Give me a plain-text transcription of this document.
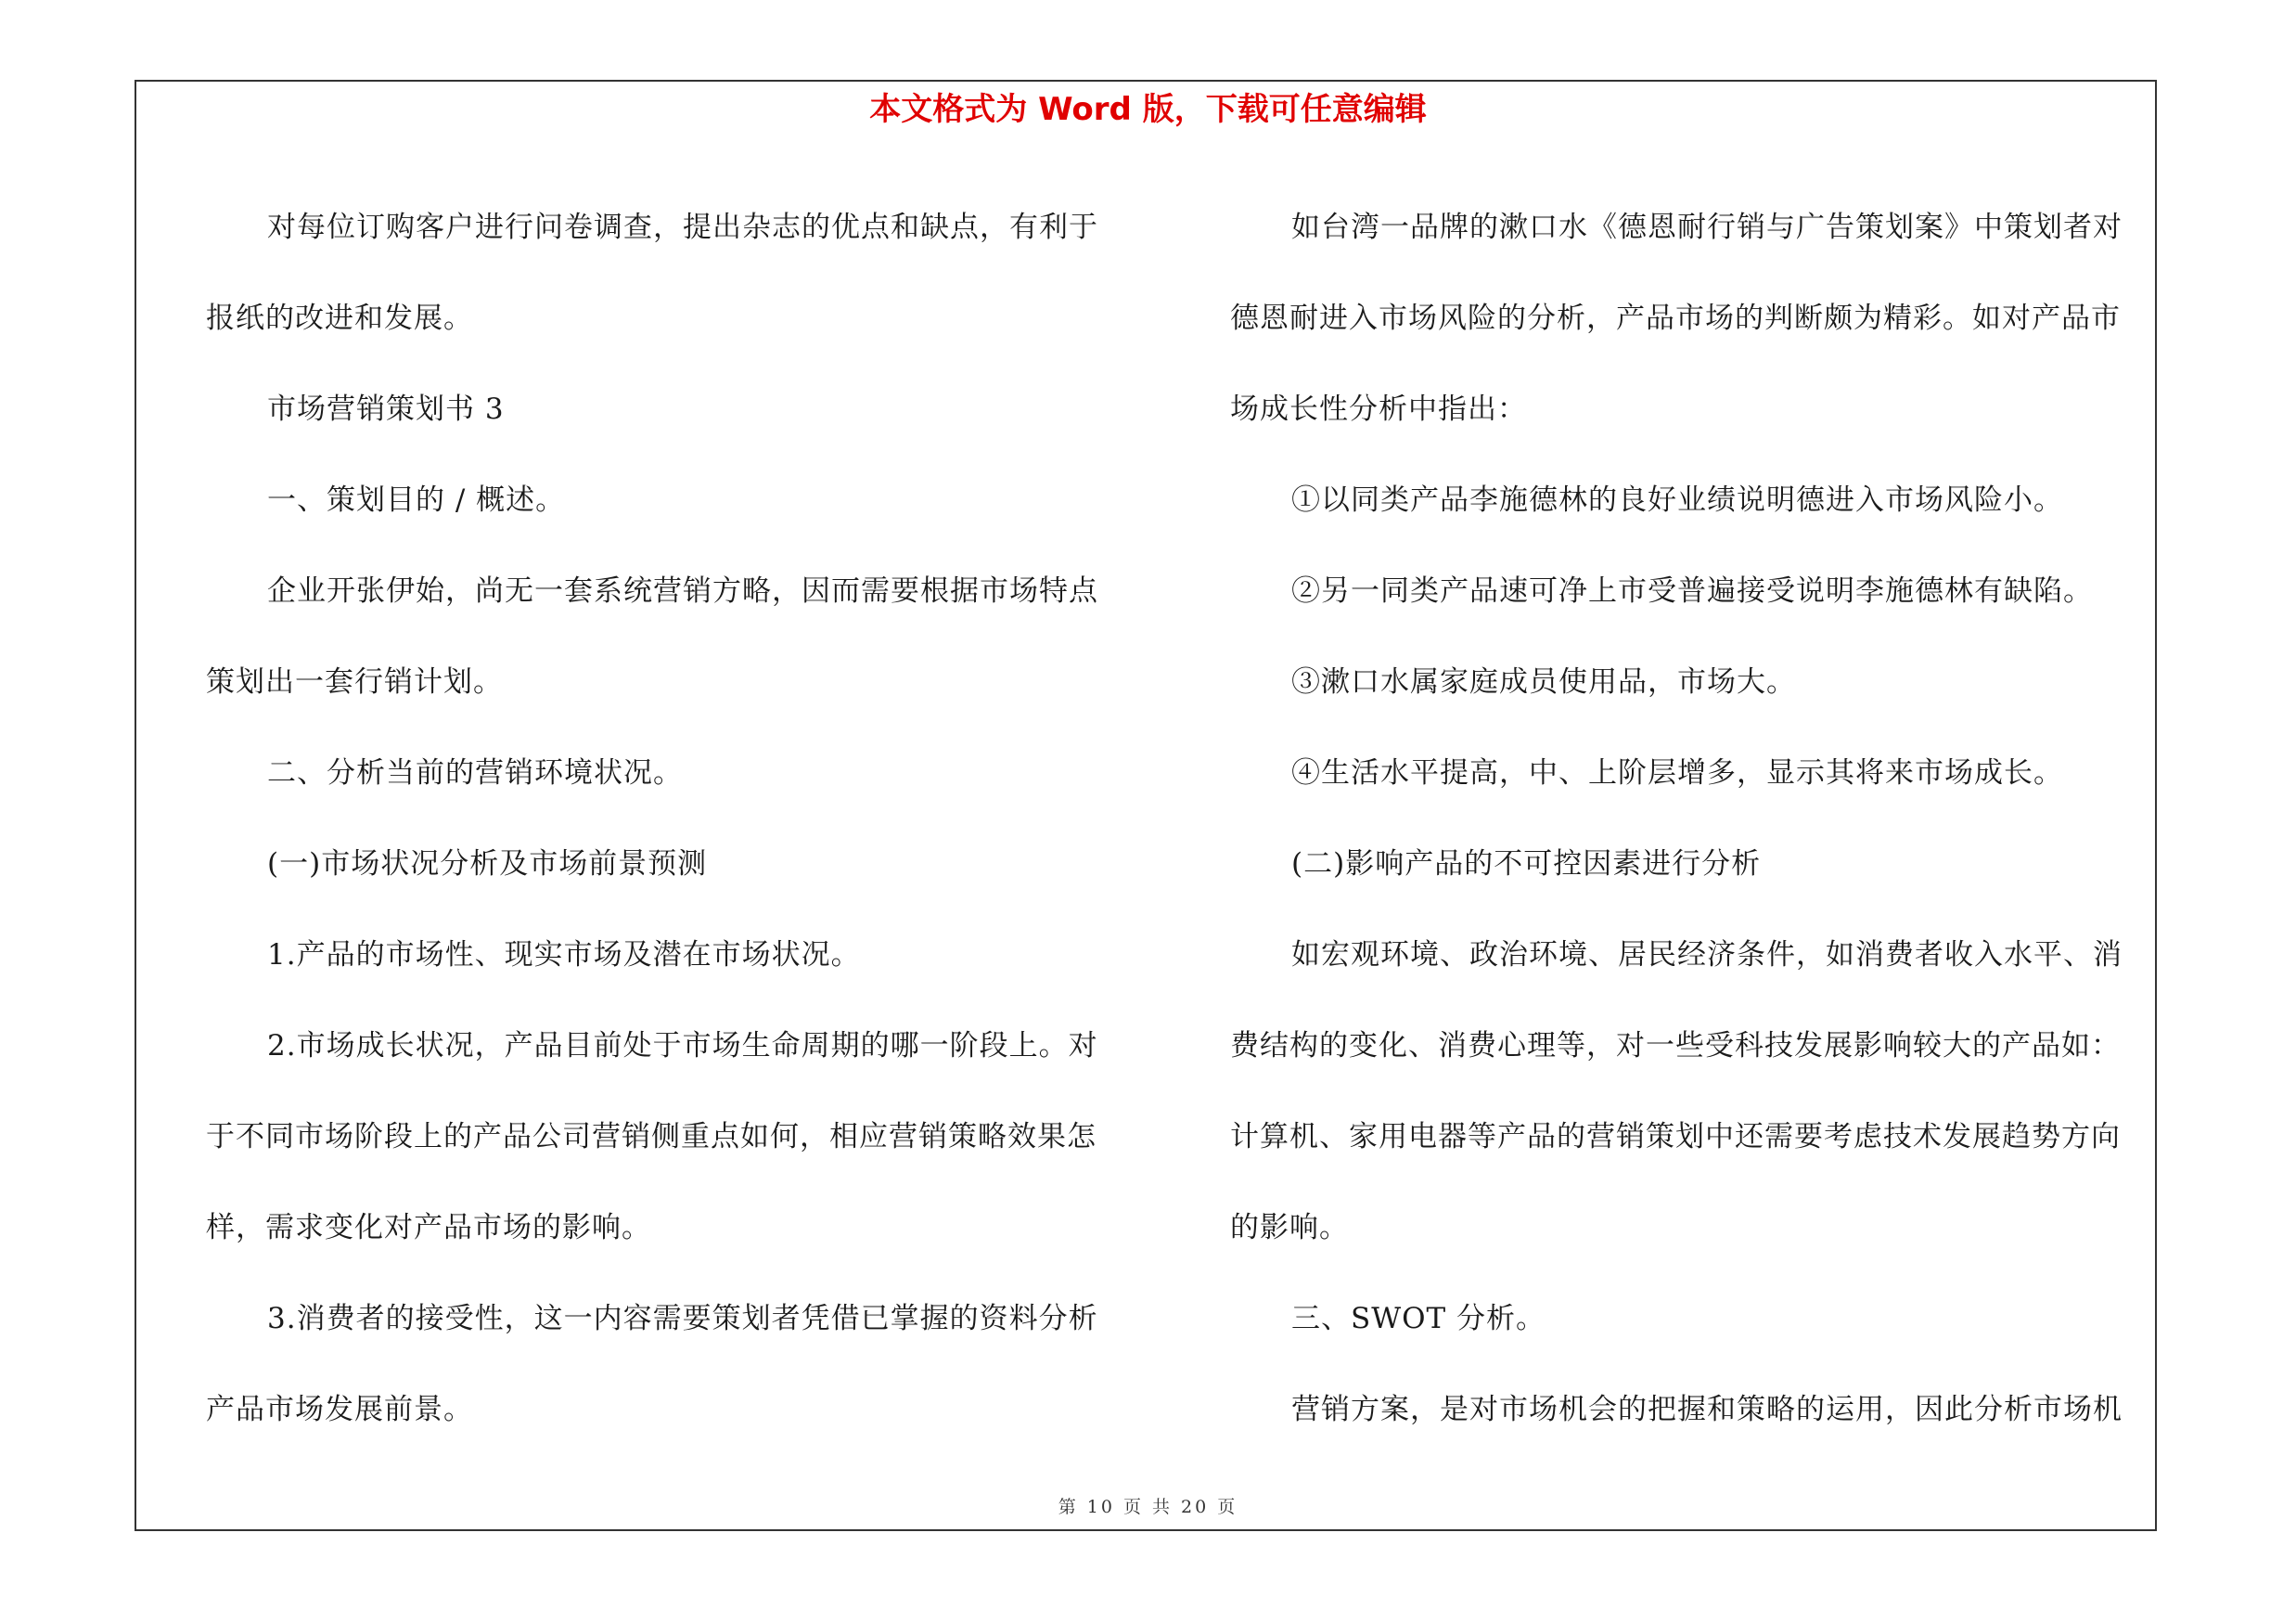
本文格式为 Word 版，下载可任意编辑
对每位订购客户进行问卷调查，提出杂志的优点和缺点，有利于
报纸的改进和发展。
市场营销策划书 3
一、策划目的 / 概述。
企业开张伊始，尚无一套系统营销方略，因而需要根据市场特点
策划出一套行销计划。
二、分析当前的营销环境状况。
(一)市场状况分析及市场前景预测
1.产品的市场性、现实市场及潜在市场状况。
2.市场成长状况，产品目前处于市场生命周期的哪一阶段上。对
于不同市场阶段上的产品公司营销侧重点如何，相应营销策略效果怎
样，需求变化对产品市场的影响。
3.消费者的接受性，这一内容需要策划者凭借已掌握的资料分析
产品市场发展前景。
如台湾一品牌的漱口水《德恩耐行销与广告策划案》中策划者对
德恩耐进入市场风险的分析，产品市场的判断颇为精彩。如对产品市
场成长性分析中指出：
①以同类产品李施德林的良好业绩说明德进入市场风险小。
②另一同类产品速可净上市受普遍接受说明李施德林有缺陷。
③漱口水属家庭成员使用品，市场大。
④生活水平提高，中、上阶层增多，显示其将来市场成长。
(二)影响产品的不可控因素进行分析
如宏观环境、政治环境、居民经济条件，如消费者收入水平、消
费结构的变化、消费心理等，对一些受科技发展影响较大的产品如：
计算机、家用电器等产品的营销策划中还需要考虑技术发展趋势方向
的影响。
三、SWOT 分析。
营销方案，是对市场机会的把握和策略的运用，因此分析市场机
第 10 页 共 20 页
